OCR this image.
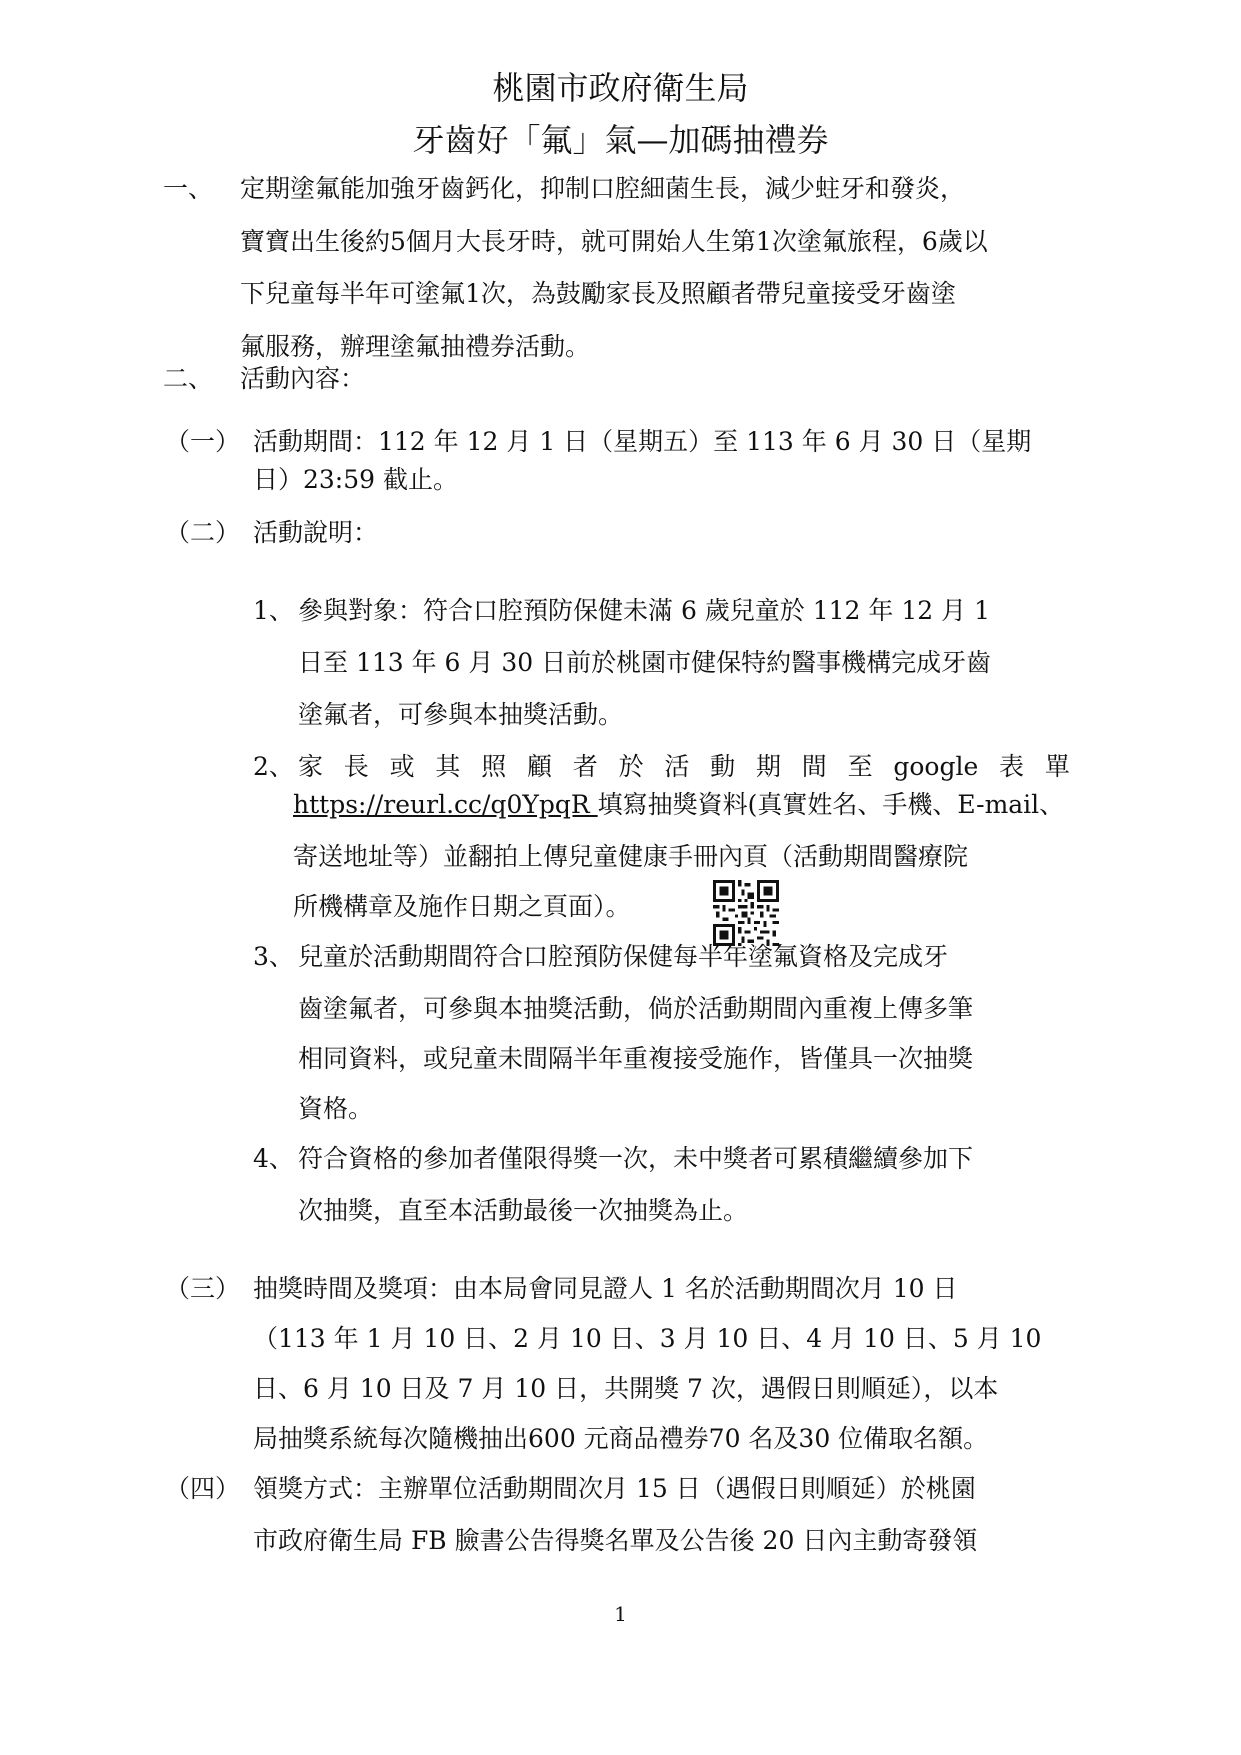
桃園市政府衛生局
牙齒好「氟」氣—加碼抽禮券
一、 定期塗氟能加強牙齒鈣化，抑制口腔細菌生長，減少蛀牙和發炎，
寶寶出生後約5個月大長牙時，就可開始人生第1次塗氟旅程，6歲以
下兒童每半年可塗氟1次，為鼓勵家長及照顧者帶兒童接受牙齒塗
氟服務，辦理塗氟抽禮券活動。
二、 活動內容：
（一） 活動期間：112 年 12 月 1 日（星期五）至 113 年 6 月 30 日（星期
日）23:59 截止。
（二） 活動說明：
1、 參與對象：符合口腔預防保健未滿 6 歲兒童於 112 年 12 月 1
日至 113 年 6 月 30 日前於桃園市健保特約醫事機構完成牙齒
塗氟者，可參與本抽獎活動。
2、 家 長 或 其 照 顧 者 於 活 動 期 間 至 google 表 單
https://reurl.cc/q0YpqR 填寫抽獎資料(真實姓名、手機、E-mail、
寄送地址等）並翻拍上傳兒童健康手冊內頁（活動期間醫療院
所機構章及施作日期之頁面）。
3、 兒童於活動期間符合口腔預防保健每半年塗氟資格及完成牙
齒塗氟者，可參與本抽獎活動，倘於活動期間內重複上傳多筆
相同資料，或兒童未間隔半年重複接受施作，皆僅具一次抽獎
資格。
4、 符合資格的參加者僅限得獎一次，未中獎者可累積繼續參加下
次抽獎，直至本活動最後一次抽獎為止。
（三） 抽獎時間及獎項：由本局會同見證人 1 名於活動期間次月 10 日
（113 年 1 月 10 日、2 月 10 日、3 月 10 日、4 月 10 日、5 月 10
日、6 月 10 日及 7 月 10 日，共開獎 7 次，遇假日則順延），以本
局抽獎系統每次隨機抽出600 元商品禮券70 名及30 位備取名額。
（四） 領獎方式：主辦單位活動期間次月 15 日（遇假日則順延）於桃園
市政府衛生局 FB 臉書公告得獎名單及公告後 20 日內主動寄發領
1
